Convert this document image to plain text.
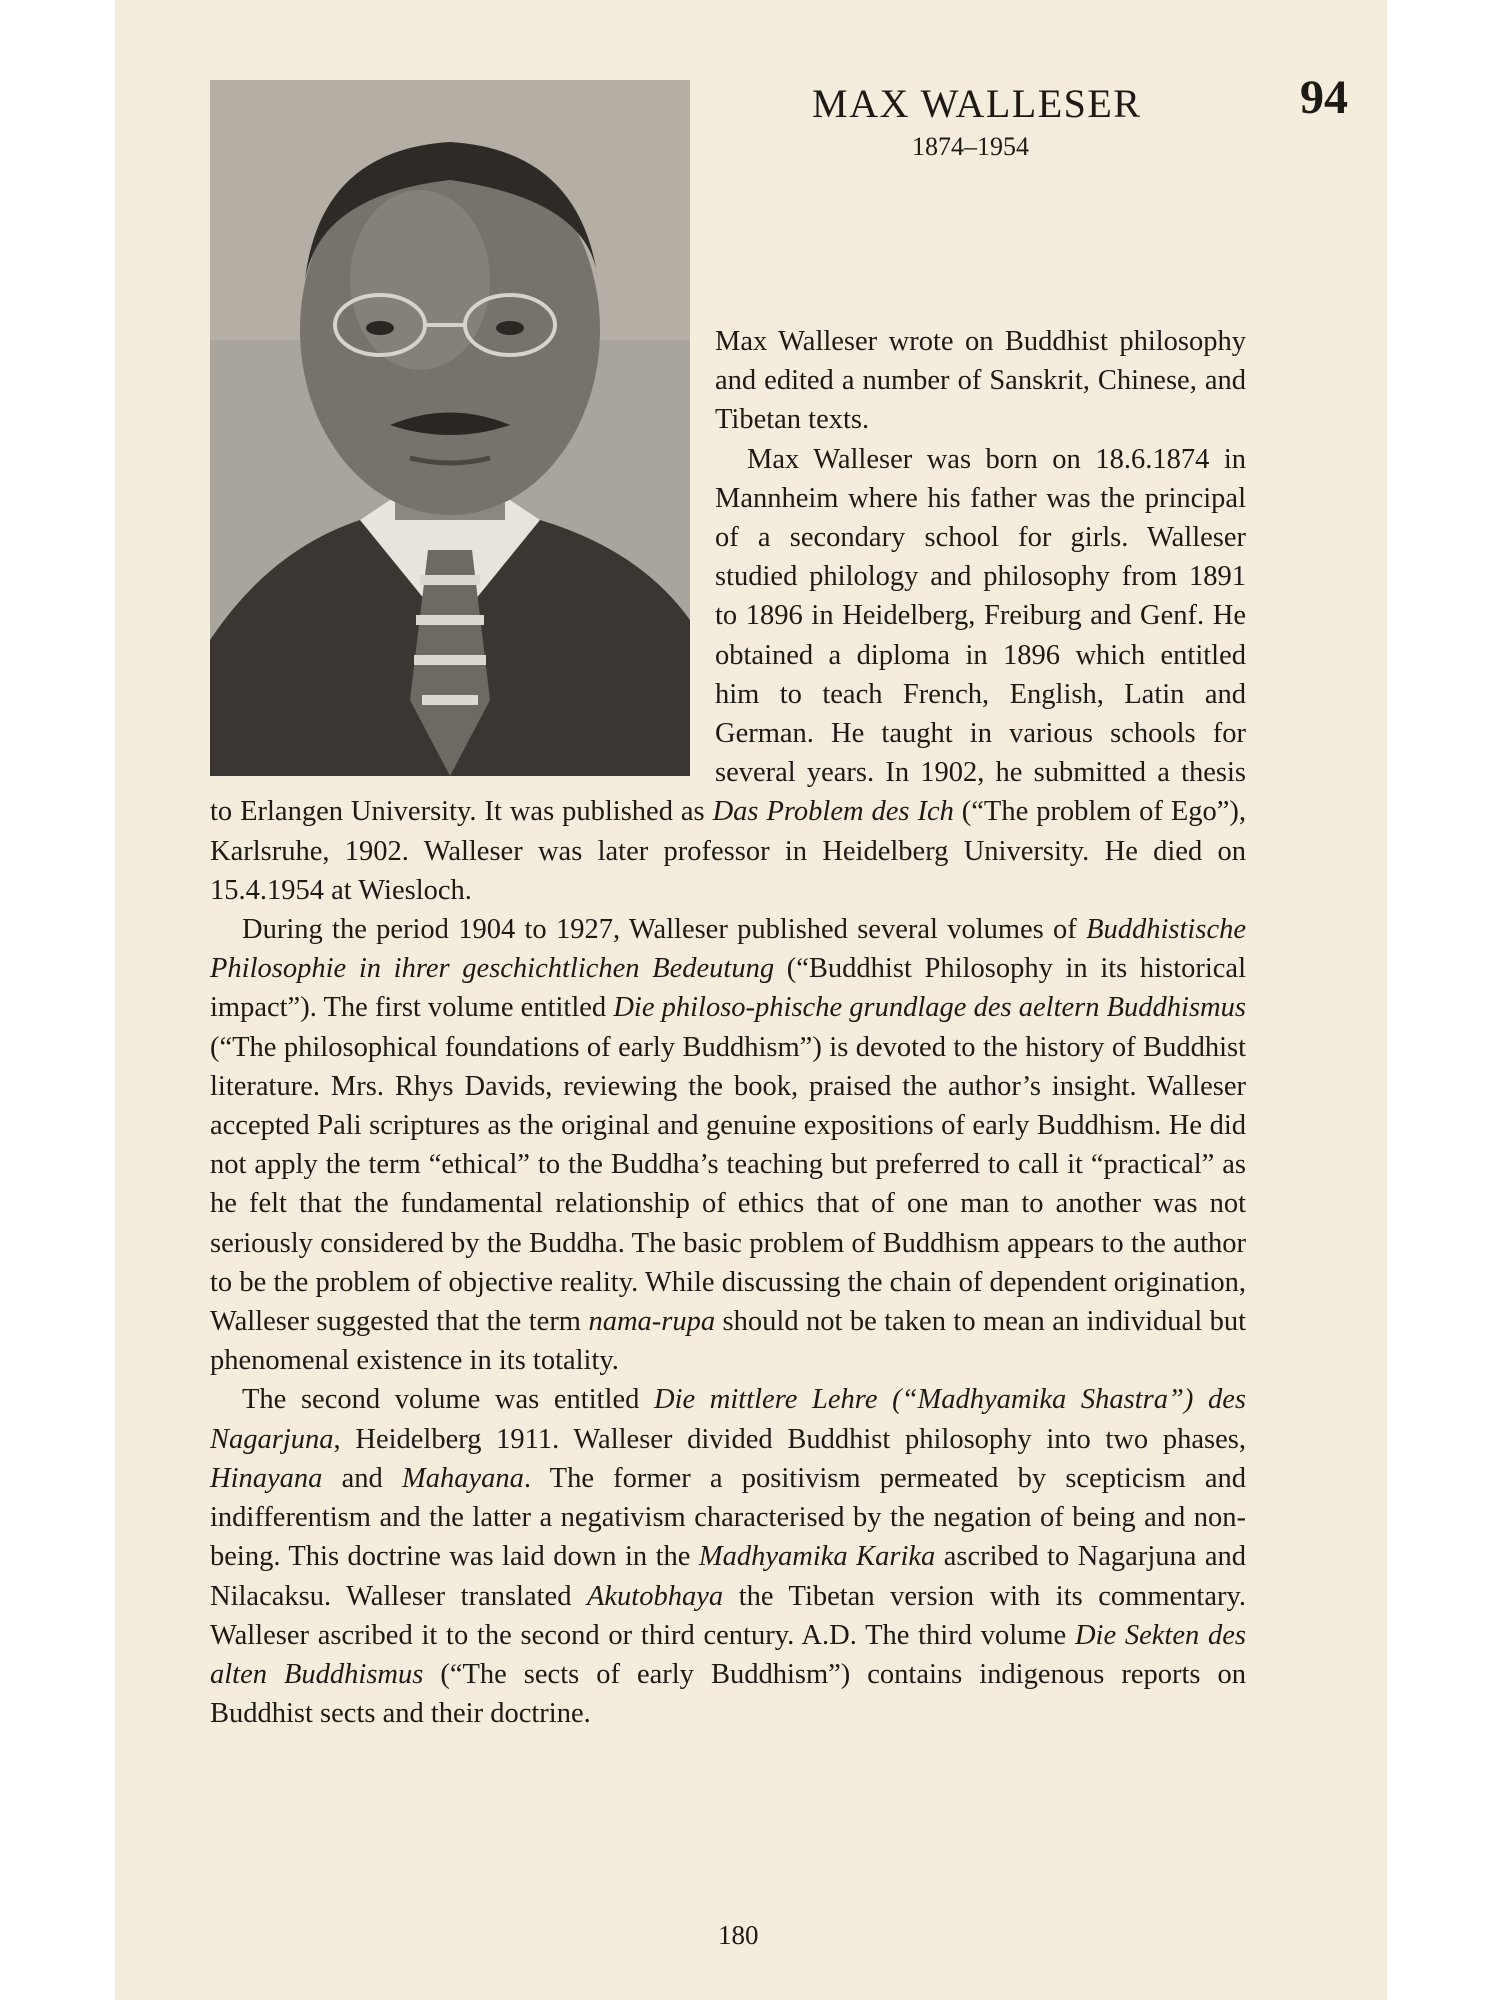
MAX WALLESER
1874–1954
94

Max Walleser wrote on Buddhist philosophy and edited a number of Sanskrit, Chinese, and Tibetan texts.

Max Walleser was born on 18.6.1874 in Mannheim where his father was the principal of a secondary school for girls. Walleser studied philology and philosophy from 1891 to 1896 in Heidelberg, Freiburg and Genf. He obtained a diploma in 1896 which entitled him to teach French, English, Latin and German. He taught in various schools for several years. In 1902, he submitted a thesis to Erlangen University. It was published as Das Problem des Ich (“The problem of Ego”), Karlsruhe, 1902. Walleser was later professor in Heidelberg University. He died on 15.4.1954 at Wiesloch.

During the period 1904 to 1927, Walleser published several volumes of Buddhistische Philosophie in ihrer geschichtlichen Bedeutung (“Buddhist Philosophy in its historical impact”). The first volume entitled Die philoso-phische grundlage des aeltern Buddhismus (“The philosophical foundations of early Buddhism”) is devoted to the history of Buddhist literature. Mrs. Rhys Davids, reviewing the book, praised the author’s insight. Walleser accepted Pali scriptures as the original and genuine expositions of early Buddhism. He did not apply the term “ethical” to the Buddha’s teaching but preferred to call it “practical” as he felt that the fundamental relationship of ethics that of one man to another was not seriously considered by the Buddha. The basic problem of Buddhism appears to the author to be the problem of objective reality. While discussing the chain of dependent origination, Walleser suggested that the term nama-rupa should not be taken to mean an individual but phenomenal existence in its totality.

The second volume was entitled Die mittlere Lehre (“Madhyamika Shastra”) des Nagarjuna, Heidelberg 1911. Walleser divided Buddhist philosophy into two phases, Hinayana and Mahayana. The former a positivism permeated by scepticism and indifferentism and the latter a negativism characterised by the negation of being and non-being. This doctrine was laid down in the Madhyamika Karika ascribed to Nagarjuna and Nilacaksu. Walleser translated Akutobhaya the Tibetan version with its commentary. Walleser ascribed it to the second or third century. A.D. The third volume Die Sekten des alten Buddhismus (“The sects of early Buddhism”) contains indigenous reports on Buddhist sects and their doctrine.

180
